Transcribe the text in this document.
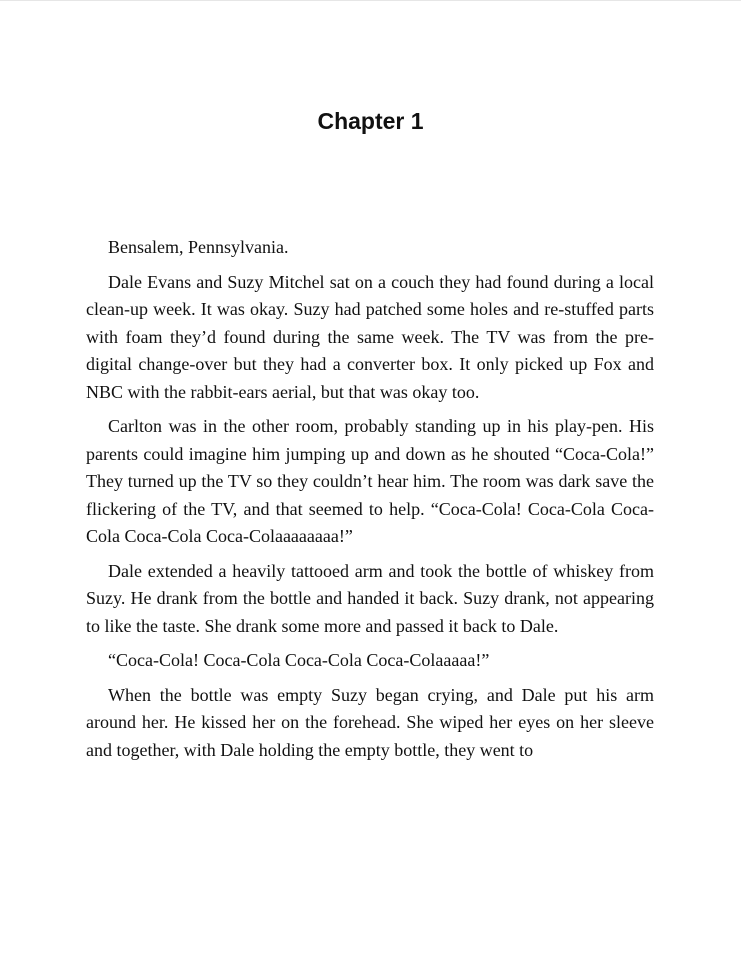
Chapter 1

Bensalem, Pennsylvania.

Dale Evans and Suzy Mitchel sat on a couch they had found during a local clean-up week. It was okay. Suzy had patched some holes and re-stuffed parts with foam they’d found during the same week. The TV was from the pre-digital change-over but they had a converter box. It only picked up Fox and NBC with the rabbit-ears aerial, but that was okay too.

Carlton was in the other room, probably standing up in his play-pen. His parents could imagine him jumping up and down as he shouted “Coca-Cola!” They turned up the TV so they couldn’t hear him. The room was dark save the flickering of the TV, and that seemed to help. “Coca-Cola! Coca-Cola Coca-Cola Coca-Cola Coca-Colaaaaaaaa!”

Dale extended a heavily tattooed arm and took the bottle of whiskey from Suzy. He drank from the bottle and handed it back. Suzy drank, not appearing to like the taste. She drank some more and passed it back to Dale.

“Coca-Cola! Coca-Cola Coca-Cola Coca-Colaaaaa!”

When the bottle was empty Suzy began crying, and Dale put his arm around her. He kissed her on the forehead. She wiped her eyes on her sleeve and together, with Dale holding the empty bottle, they went to
